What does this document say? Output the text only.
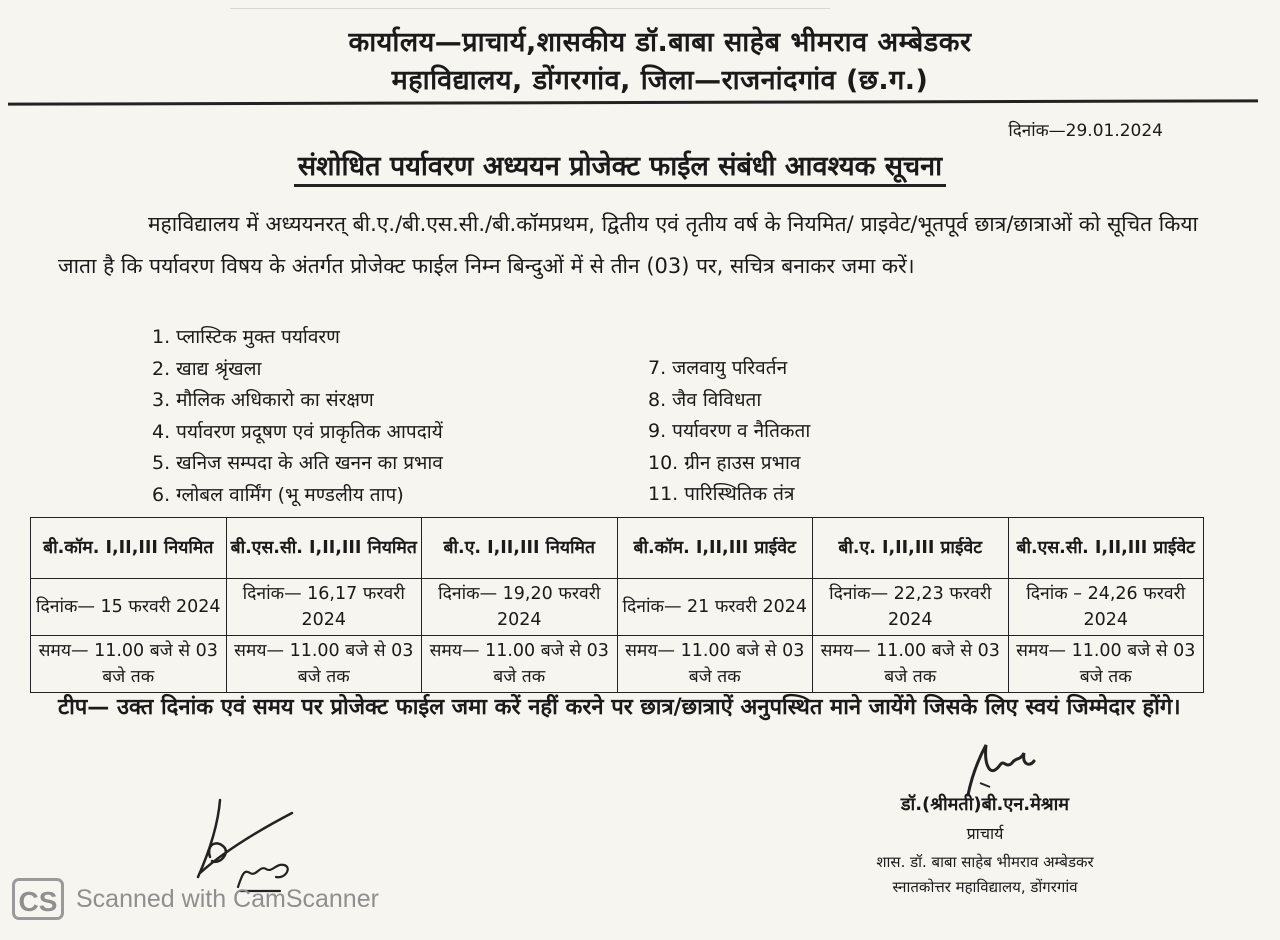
कार्यालय—प्राचार्य,शासकीय डॉ.बाबा साहेब भीमराव अम्बेडकर
महाविद्यालय, डोंगरगांव, जिला—राजनांदगांव (छ.ग.)
दिनांक—29.01.2024
संशोधित पर्यावरण अध्ययन प्रोजेक्ट फाईल संबंधी आवश्यक सूचना
महाविद्यालय में अध्ययनरत् बी.ए./बी.एस.सी./बी.कॉमप्रथम, द्वितीय एवं तृतीय वर्ष के नियमित/ प्राइवेट/भूतपूर्व छात्र/छात्राओं को सूचित किया जाता है कि पर्यावरण विषय के अंतर्गत प्रोजेक्ट फाईल निम्न बिन्दुओं में से तीन (03) पर, सचित्र बनाकर जमा करें।
1. प्लास्टिक मुक्त पर्यावरण
2. खाद्य श्रृंखला
3. मौलिक अधिकारो का संरक्षण
4. पर्यावरण प्रदूषण एवं प्राकृतिक आपदायें
5. खनिज सम्पदा के अति खनन का प्रभाव
6. ग्लोबल वार्मिंग (भू मण्डलीय ताप)
7. जलवायु परिवर्तन
8. जैव विविधता
9. पर्यावरण व नैतिकता
10. ग्रीन हाउस प्रभाव
11. पारिस्थितिक तंत्र
बी.कॉम. I,II,III नियमित	बी.एस.सी. I,II,III नियमित	बी.ए. I,II,III नियमित	बी.कॉम. I,II,III प्राईवेट	बी.ए. I,II,III प्राईवेट	बी.एस.सी. I,II,III प्राईवेट
दिनांक— 15 फरवरी 2024	दिनांक— 16,17 फरवरी 2024	दिनांक— 19,20 फरवरी 2024	दिनांक— 21 फरवरी 2024	दिनांक— 22,23 फरवरी 2024	दिनांक – 24,26 फरवरी 2024
समय— 11.00 बजे से 03 बजे तक	समय— 11.00 बजे से 03 बजे तक	समय— 11.00 बजे से 03 बजे तक	समय— 11.00 बजे से 03 बजे तक	समय— 11.00 बजे से 03 बजे तक	समय— 11.00 बजे से 03 बजे तक
टीप— उक्त दिनांक एवं समय पर प्रोजेक्ट फाईल जमा करें नहीं करने पर छात्र/छात्राऐं अनुपस्थित माने जायेंगे जिसके लिए स्वयं जिम्मेदार होंगे।
डॉ.(श्रीमती)बी.एन.मेश्राम
प्राचार्य
शास. डॉ. बाबा साहेब भीमराव अम्बेडकर
स्नातकोत्तर महाविद्यालय, डोंगरगांव
CS Scanned with CamScanner
